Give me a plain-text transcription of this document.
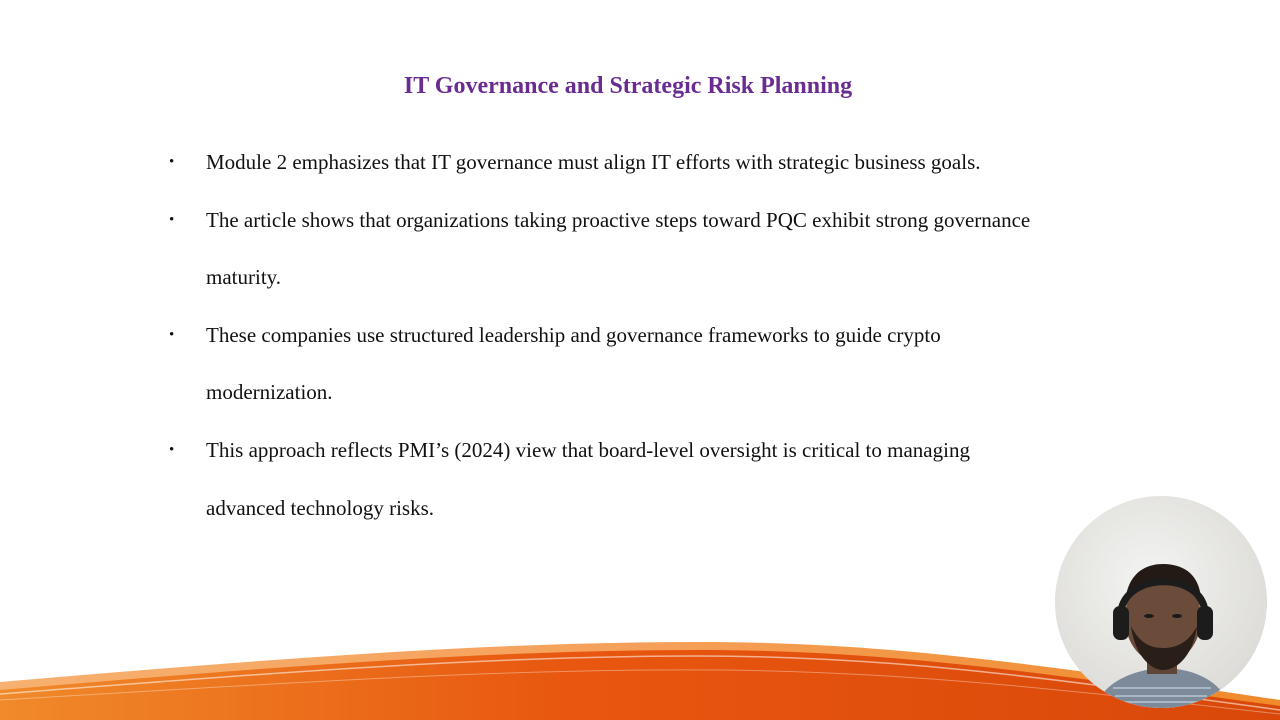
IT Governance and Strategic Risk Planning
• Module 2 emphasizes that IT governance must align IT efforts with strategic business goals.
• The article shows that organizations taking proactive steps toward PQC exhibit strong governance maturity.
• These companies use structured leadership and governance frameworks to guide crypto modernization.
• This approach reflects PMI’s (2024) view that board-level oversight is critical to managing advanced technology risks.
